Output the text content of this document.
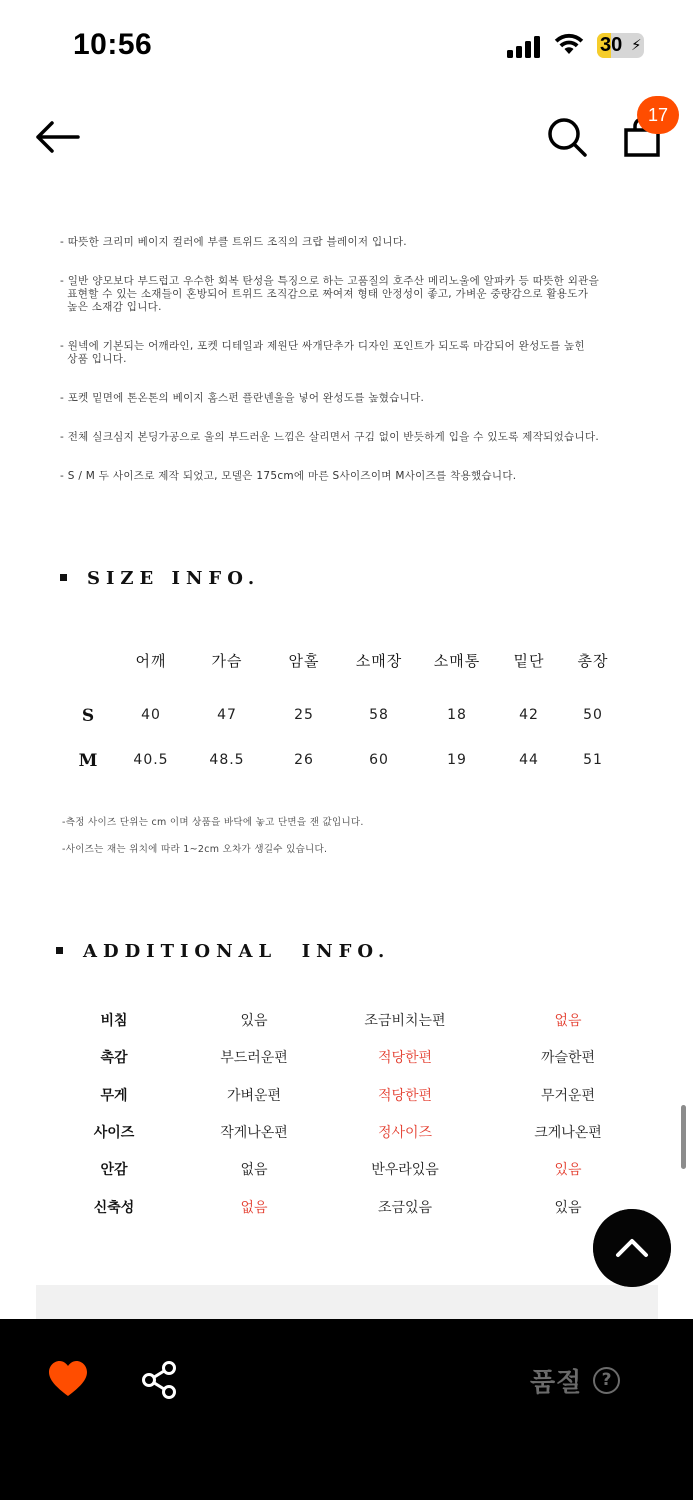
10:56	30 ⚡
17

- 따뜻한 크리미 베이지 컬러에 부클 트위드 조직의 크랍 블레이저 입니다.

- 일반 양모보다 부드럽고 우수한 회복 탄성을 특징으로 하는 고품질의 호주산 메리노울에 알파카 등 따뜻한 외관을
표현할 수 있는 소재들이 혼방되어 트위드 조직감으로 짜여져 형태 안정성이 좋고, 가벼운 중량감으로 활용도가
높은 소재감 입니다.

- 원넥에 기본되는 어깨라인, 포켓 디테일과 제원단 싸개단추가 디자인 포인트가 되도록 마감되어 완성도를 높힌
상품 입니다.

- 포켓 밑면에 톤온톤의 베이지 홈스펀 플란넨울을 넣어 완성도를 높혔습니다.

- 전체 실크심지 본딩가공으로 울의 부드러운 느낌은 살리면서 구김 없이 반듯하게 입을 수 있도록 제작되었습니다.

- S / M 두 사이즈로 제작 되었고, 모델은 175cm에 마른 S사이즈이며 M사이즈를 착용했습니다.

SIZE INFO.
어깨	가슴	암홀	소매장	소매통	밑단	총장
S	40	47	25	58	18	42	50
M	40.5	48.5	26	60	19	44	51
-측정 사이즈 단위는 cm 이며 상품을 바닥에 놓고 단면을 잰 값입니다.
-사이즈는 재는 위치에 따라 1~2cm 오차가 생길수 있습니다.
ADDITIONAL  INFO.
비침	있음	조금비치는편	없음
촉감	부드러운편	적당한편	까슬한편
무게	가벼운편	적당한편	무거운편
사이즈	작게나온편	정사이즈	크게나온편
안감	없음	반우라있음	있음
신축성	없음	조금있음	있음
품절	?
